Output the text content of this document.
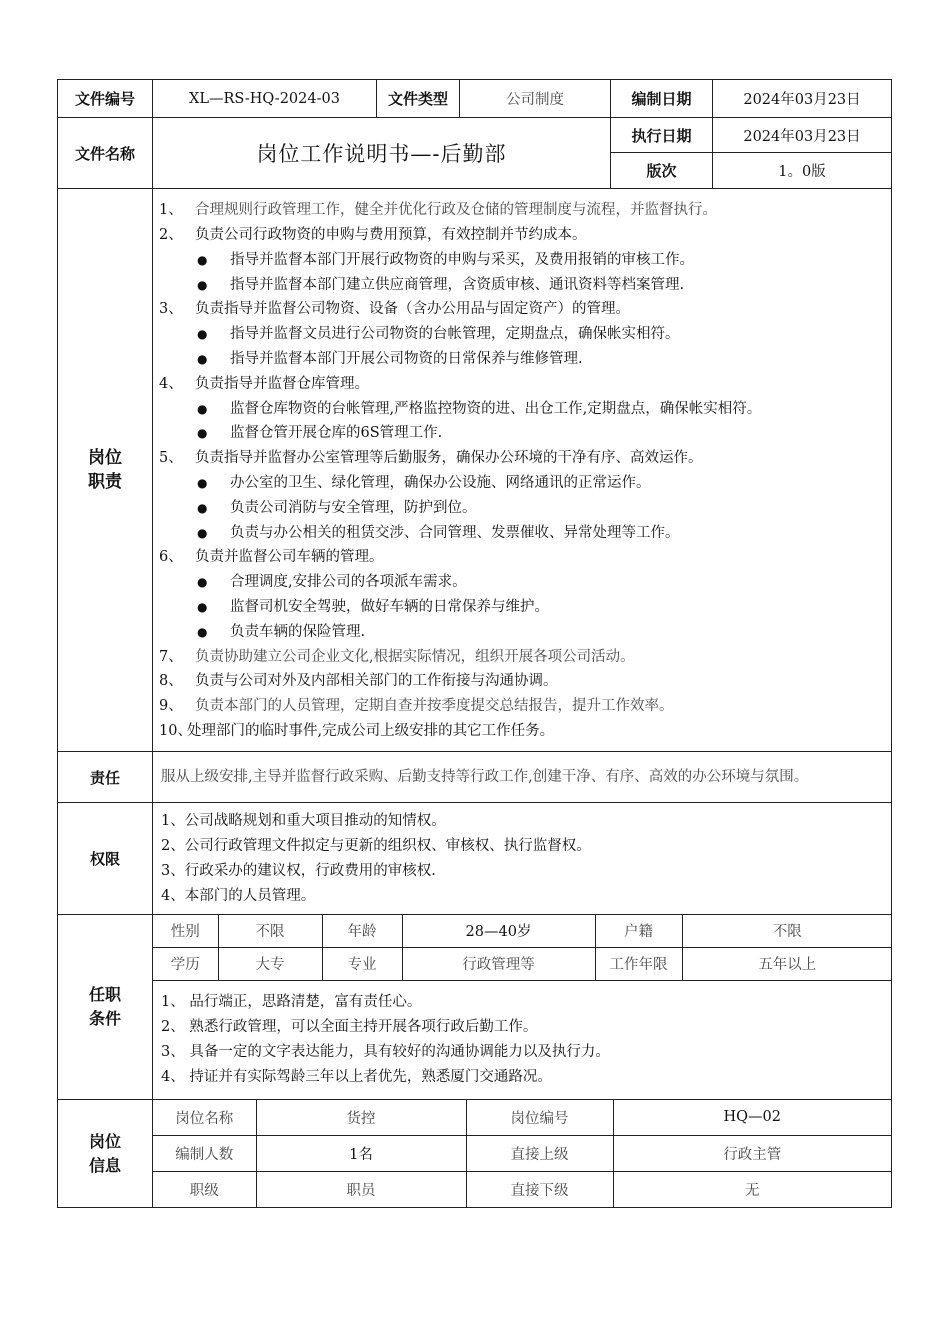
文件编号	XL—RS-HQ-2024-03	文件类型	公司制度	编制日期	2024年03月23日
文件名称	岗位工作说明书—-后勤部	执行日期	2024年03月23日
版次	1。0版

岗位
职责

1、 合理规则行政管理工作，健全并优化行政及仓储的管理制度与流程，并监督执行。
2、 负责公司行政物资的申购与费用预算，有效控制并节约成本。
● 指导并监督本部门开展行政物资的申购与采买，及费用报销的审核工作。
● 指导并监督本部门建立供应商管理，含资质审核、通讯资料等档案管理.
3、 负责指导并监督公司物资、设备（含办公用品与固定资产）的管理。
● 指导并监督文员进行公司物资的台帐管理，定期盘点，确保帐实相符。
● 指导并监督本部门开展公司物资的日常保养与维修管理.
4、 负责指导并监督仓库管理。
● 监督仓库物资的台帐管理,严格监控物资的进、出仓工作,定期盘点，确保帐实相符。
● 监督仓管开展仓库的6S管理工作.
5、 负责指导并监督办公室管理等后勤服务，确保办公环境的干净有序、高效运作。
● 办公室的卫生、绿化管理，确保办公设施、网络通讯的正常运作。
● 负责公司消防与安全管理，防护到位。
● 负责与办公相关的租赁交涉、合同管理、发票催收、异常处理等工作。
6、 负责并监督公司车辆的管理。
● 合理调度,安排公司的各项派车需求。
● 监督司机安全驾驶，做好车辆的日常保养与维护。
● 负责车辆的保险管理.
7、 负责协助建立公司企业文化,根据实际情况，组织开展各项公司活动。
8、 负责与公司对外及内部相关部门的工作衔接与沟通协调。
9、 负责本部门的人员管理，定期自查并按季度提交总结报告，提升工作效率。
10、处理部门的临时事件,完成公司上级安排的其它工作任务。

责任	服从上级安排,主导并监督行政采购、后勤支持等行政工作,创建干净、有序、高效的办公环境与氛围。
权限	
1、公司战略规划和重大项目推动的知情权。
2、公司行政管理文件拟定与更新的组织权、审核权、执行监督权。
3、行政采办的建议权，行政费用的审核权.
4、本部门的人员管理。

任职
条件

性别	不限	年龄	28—40岁	户籍	不限
学历	大专	专业	行政管理等	工作年限	五年以上
1、 品行端正，思路清楚，富有责任心。
2、 熟悉行政管理，可以全面主持开展各项行政后勤工作。
3、 具备一定的文字表达能力，具有较好的沟通协调能力以及执行力。
4、 持证并有实际驾龄三年以上者优先，熟悉厦门交通路况。

岗位
信息

岗位名称	货控	岗位编号	HQ—02
编制人数	1名	直接上级	行政主管
职级	职员	直接下级	无
